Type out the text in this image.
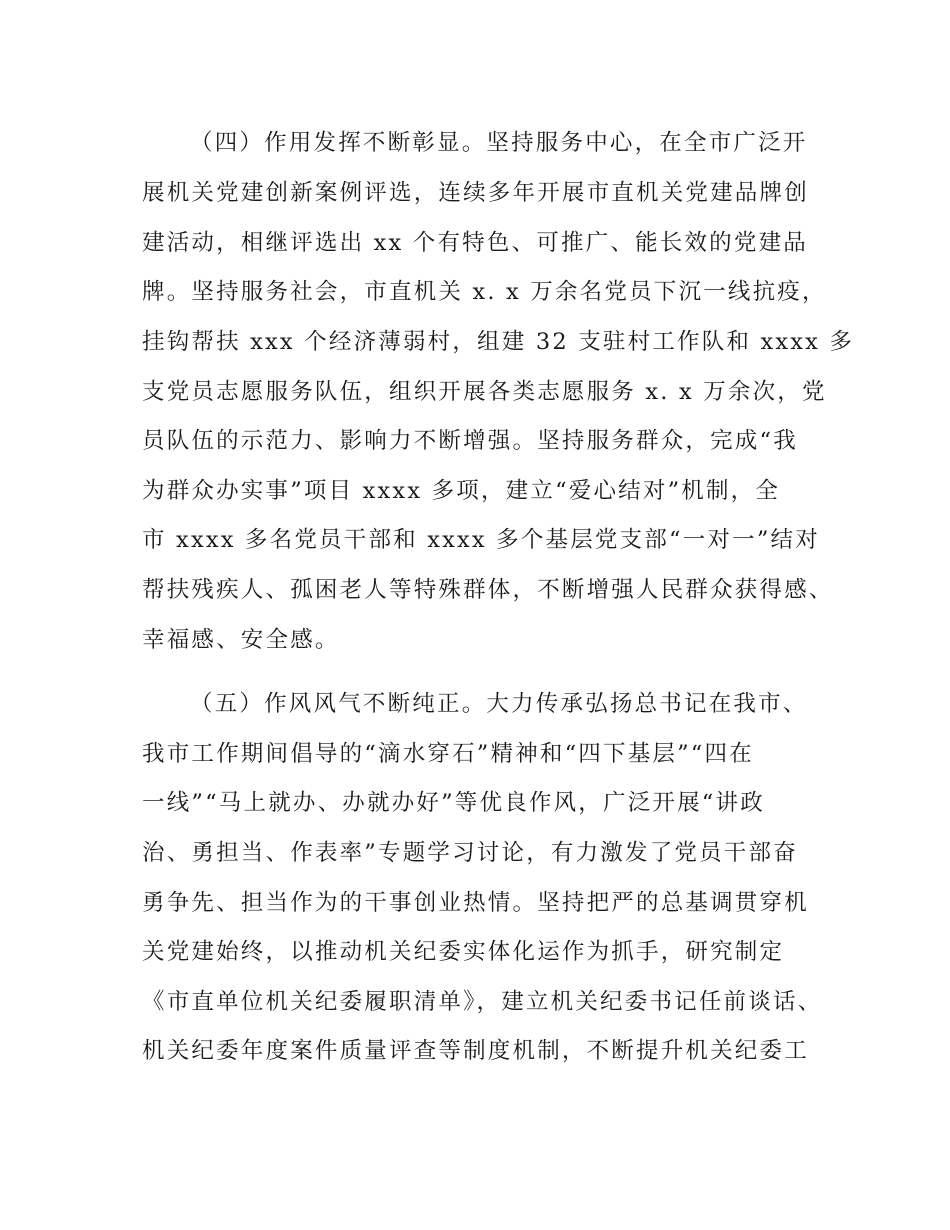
（四）作用发挥不断彰显。坚持服务中心，在全市广泛开
展机关党建创新案例评选，连续多年开展市直机关党建品牌创
建活动，相继评选出 xx 个有特色、可推广、能长效的党建品
牌。坚持服务社会，市直机关 x. x 万余名党员下沉一线抗疫，
挂钩帮扶 xxx 个经济薄弱村，组建 32 支驻村工作队和 xxxx 多
支党员志愿服务队伍，组织开展各类志愿服务 x. x 万余次，党
员队伍的示范力、影响力不断增强。坚持服务群众，完成“我
为群众办实事”项目 xxxx 多项，建立“爱心结对”机制，全
市 xxxx 多名党员干部和 xxxx 多个基层党支部“一对一”结对
帮扶残疾人、孤困老人等特殊群体，不断增强人民群众获得感、
幸福感、安全感。
（五）作风风气不断纯正。大力传承弘扬总书记在我市、
我市工作期间倡导的“滴水穿石”精神和“四下基层”“四在
一线”“马上就办、办就办好”等优良作风，广泛开展“讲政
治、勇担当、作表率”专题学习讨论，有力激发了党员干部奋
勇争先、担当作为的干事创业热情。坚持把严的总基调贯穿机
关党建始终，以推动机关纪委实体化运作为抓手，研究制定
《市直单位机关纪委履职清单》，建立机关纪委书记任前谈话、
机关纪委年度案件质量评查等制度机制，不断提升机关纪委工
